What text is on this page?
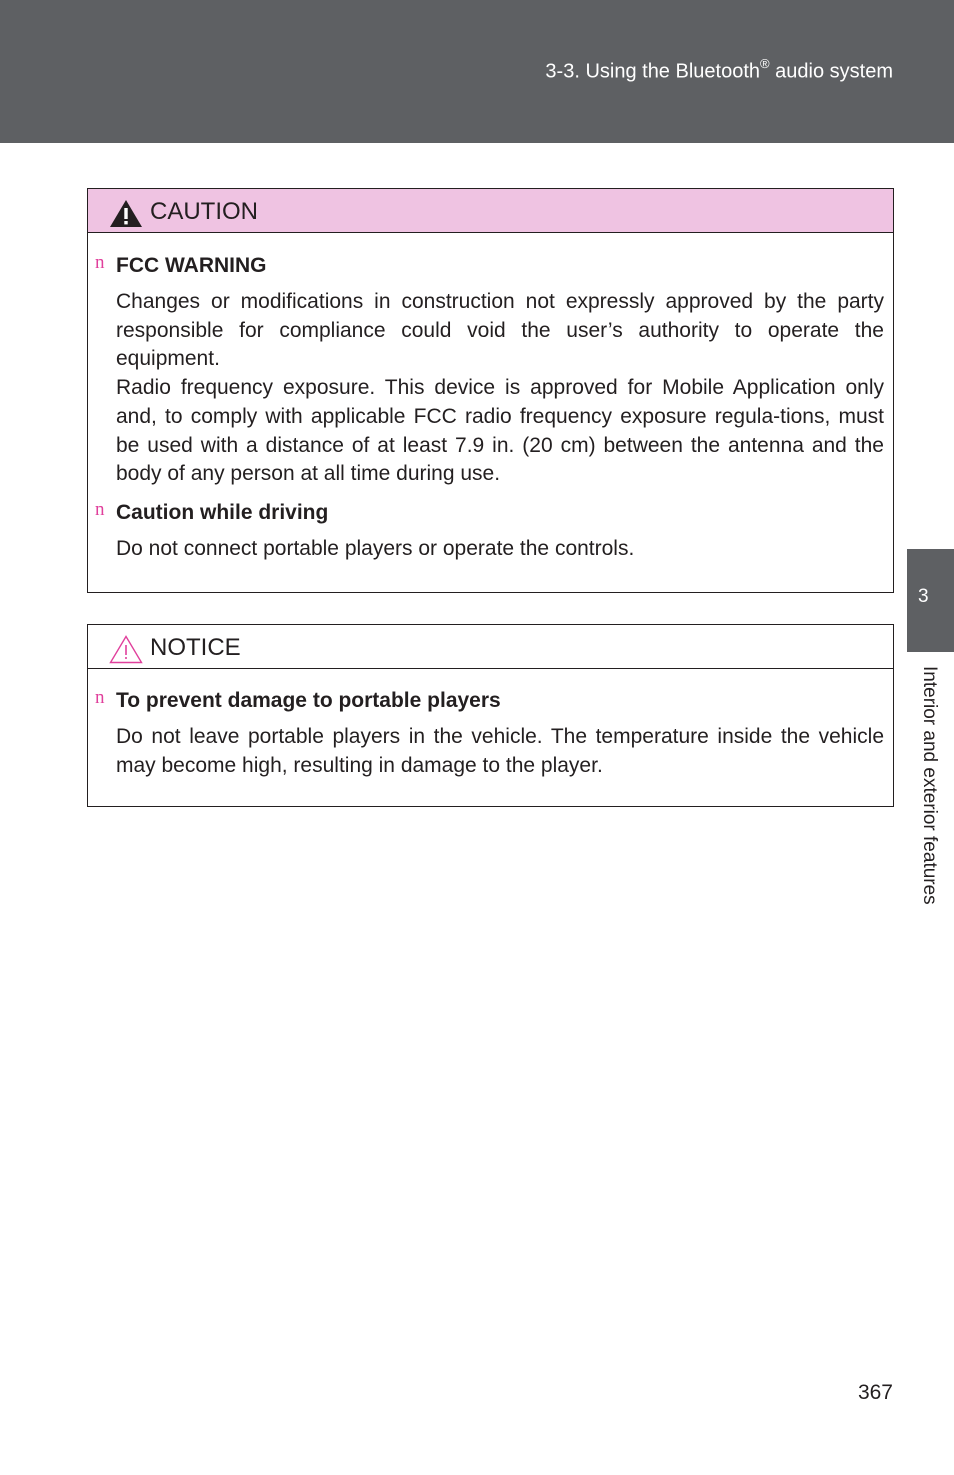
3-3. Using the Bluetooth® audio system
CAUTION
n FCC WARNING
Changes or modifications in construction not expressly approved by the party responsible for compliance could void the user’s authority to operate the equipment.
Radio frequency exposure. This device is approved for Mobile Application only and, to comply with applicable FCC radio frequency exposure regula-tions, must be used with a distance of at least 7.9 in. (20 cm) between the antenna and the body of any person at all time during use.
n Caution while driving
Do not connect portable players or operate the controls.
NOTICE
n To prevent damage to portable players
Do not leave portable players in the vehicle. The temperature inside the vehicle may become high, resulting in damage to the player.
3
Interior and exterior features
367
